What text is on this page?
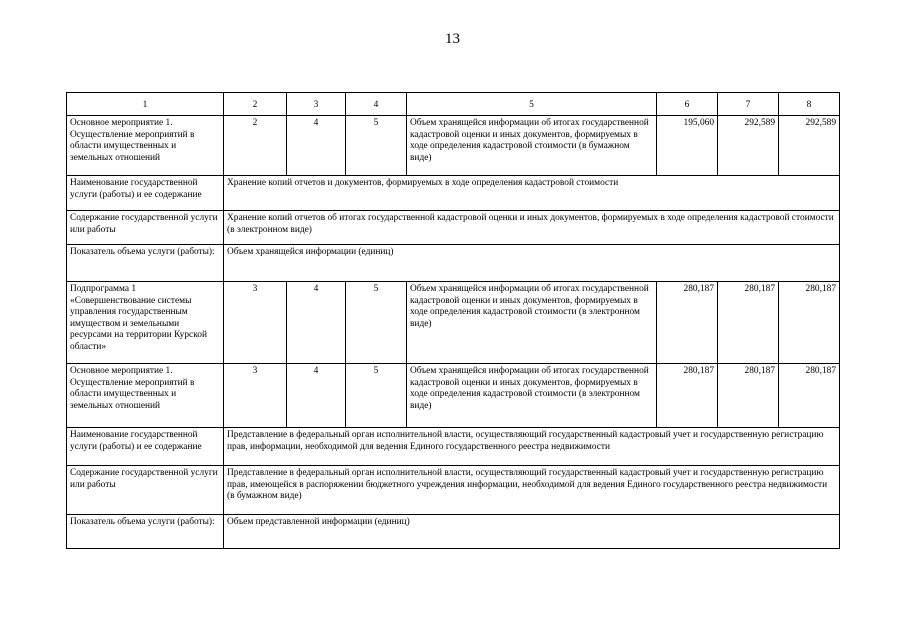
13
1	2	3	4	5	6	7	8
Основное мероприятие 1. Осуществление мероприятий в области имущественных и земельных отношений	2	4	5	Объем хранящейся информации об итогах государственной кадастровой оценки и иных документов, формируемых в ходе определения кадастровой стоимости (в бумажном виде)	195,060	292,589	292,589
Наименование государственной услуги (работы) и ее содержание	Хранение копий отчетов и документов, формируемых в ходе определения кадастровой стоимости						
Содержание государственной услуги или работы	Хранение копий отчетов об итогах государственной кадастровой оценки и иных документов, формируемых в ходе определения кадастровой стоимости (в электронном виде)						
Показатель объема услуги (работы):	Объем хранящейся информации (единиц)						
Подпрограмма 1 «Совершенствование системы управления государственным имуществом и земельными ресурсами на территории Курской области»	3	4	5	Объем хранящейся информации об итогах государственной кадастровой оценки и иных документов, формируемых в ходе определения кадастровой стоимости (в электронном виде)	280,187	280,187	280,187
Основное мероприятие 1. Осуществление мероприятий в области имущественных и земельных отношений	3	4	5	Объем хранящейся информации об итогах государственной кадастровой оценки и иных документов, формируемых в ходе определения кадастровой стоимости (в электронном виде)	280,187	280,187	280,187
Наименование государственной услуги (работы) и ее содержание	Представление в федеральный орган исполнительной власти, осуществляющий государственный кадастровый учет и государственную регистрацию прав, информации, необходимой для ведения Единого государственного реестра недвижимости						
Содержание государственной услуги или работы	Представление в федеральный орган исполнительной власти, осуществляющий государственный кадастровый учет и государственную регистрацию прав, имеющейся в распоряжении бюджетного учреждения информации, необходимой для ведения Единого государственного реестра недвижимости (в бумажном виде)						
Показатель объема услуги (работы):	Объем представленной информации (единиц)						
